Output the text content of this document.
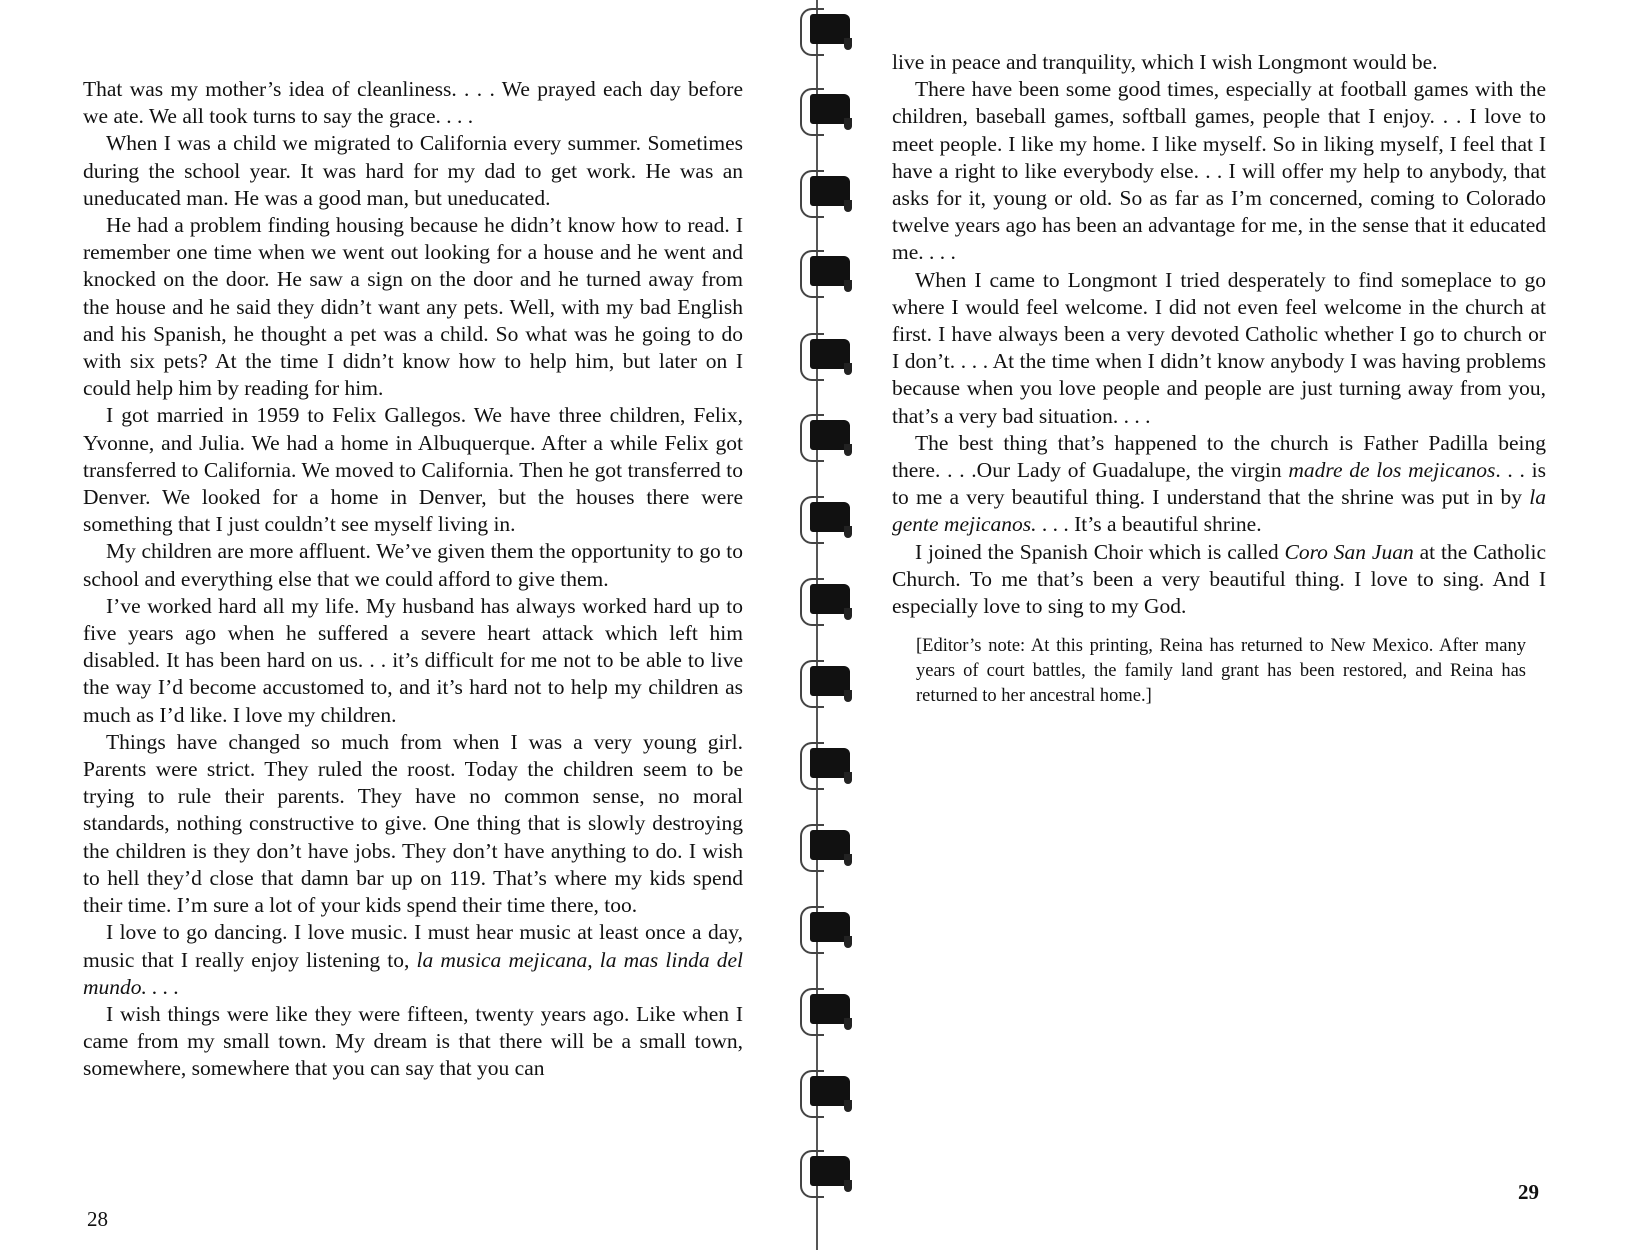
That was my mother’s idea of cleanliness. . . . We prayed each day before we ate. We all took turns to say the grace. . . .

When I was a child we migrated to California every summer. Sometimes during the school year. It was hard for my dad to get work. He was an uneducated man. He was a good man, but uneducated.

He had a problem finding housing because he didn’t know how to read. I remember one time when we went out looking for a house and he went and knocked on the door. He saw a sign on the door and he turned away from the house and he said they didn’t want any pets. Well, with my bad English and his Spanish, he thought a pet was a child. So what was he going to do with six pets? At the time I didn’t know how to help him, but later on I could help him by reading for him.

I got married in 1959 to Felix Gallegos. We have three children, Felix, Yvonne, and Julia. We had a home in Albuquerque. After a while Felix got transferred to California. We moved to California. Then he got transferred to Denver. We looked for a home in Denver, but the houses there were something that I just couldn’t see myself living in.

My children are more affluent. We’ve given them the opportunity to go to school and everything else that we could afford to give them.

I’ve worked hard all my life. My husband has always worked hard up to five years ago when he suffered a severe heart attack which left him disabled. It has been hard on us. . . it’s difficult for me not to be able to live the way I’d become accustomed to, and it’s hard not to help my children as much as I’d like. I love my children.

Things have changed so much from when I was a very young girl. Parents were strict. They ruled the roost. Today the children seem to be trying to rule their parents. They have no common sense, no moral standards, nothing constructive to give. One thing that is slowly destroying the children is they don’t have jobs. They don’t have anything to do. I wish to hell they’d close that damn bar up on 119. That’s where my kids spend their time. I’m sure a lot of your kids spend their time there, too.

I love to go dancing. I love music. I must hear music at least once a day, music that I really enjoy listening to, la musica mejicana, la mas linda del mundo. . . .

I wish things were like they were fifteen, twenty years ago. Like when I came from my small town. My dream is that there will be a small town, somewhere, somewhere that you can say that you can

28

live in peace and tranquility, which I wish Longmont would be.

There have been some good times, especially at football games with the children, baseball games, softball games, people that I enjoy. . . I love to meet people. I like my home. I like myself. So in liking myself, I feel that I have a right to like everybody else. . . I will offer my help to anybody, that asks for it, young or old. So as far as I’m concerned, coming to Colorado twelve years ago has been an advantage for me, in the sense that it educated me. . . .

When I came to Longmont I tried desperately to find someplace to go where I would feel welcome. I did not even feel welcome in the church at first. I have always been a very devoted Catholic whether I go to church or I don’t. . . . At the time when I didn’t know anybody I was having problems because when you love people and people are just turning away from you, that’s a very bad situation. . . .

The best thing that’s happened to the church is Father Padilla being there. . . .Our Lady of Guadalupe, the virgin madre de los mejicanos. . . is to me a very beautiful thing. I understand that the shrine was put in by la gente mejicanos. . . . It’s a beautiful shrine.

I joined the Spanish Choir which is called Coro San Juan at the Catholic Church. To me that’s been a very beautiful thing. I love to sing. And I especially love to sing to my God.

[Editor’s note: At this printing, Reina has returned to New Mexico. After many years of court battles, the family land grant has been restored, and Reina has returned to her ancestral home.]

29
